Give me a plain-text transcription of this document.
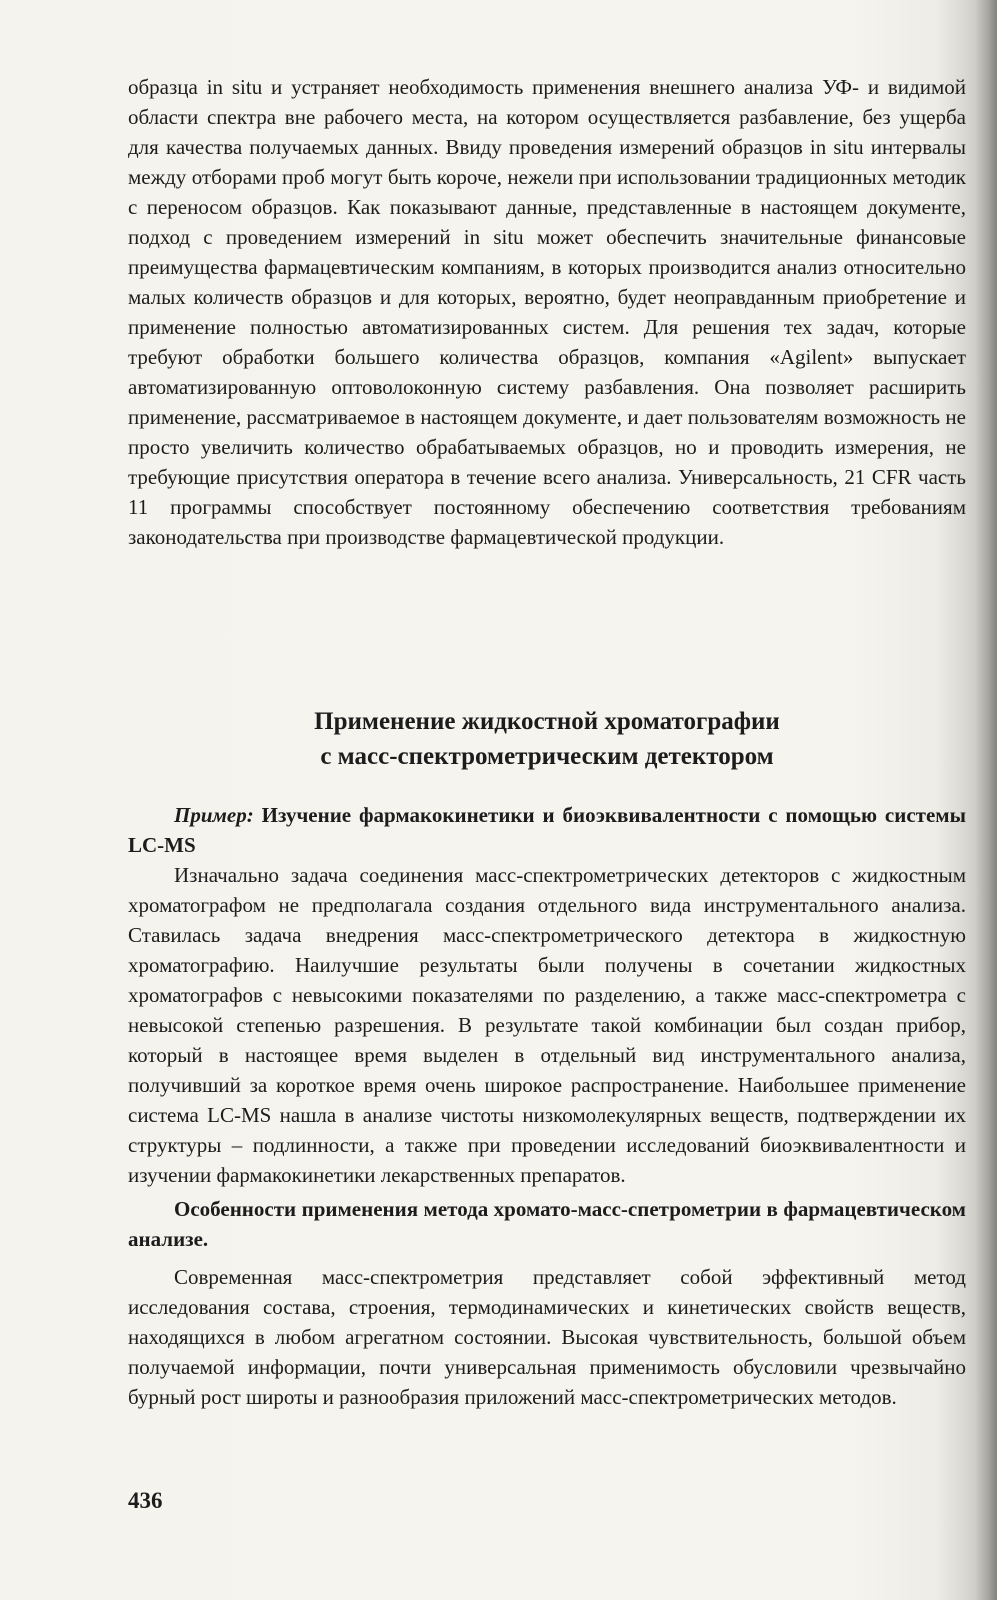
образца in situ и устраняет необходимость применения внешнего анализа УФ- и видимой области спектра вне рабочего места, на котором осуществляется разбавление, без ущерба для качества получаемых данных. Ввиду проведения измерений образцов in situ интервалы между отборами проб могут быть короче, нежели при использовании традиционных методик с переносом образцов. Как показывают данные, представленные в настоящем документе, подход с проведением измерений in situ может обеспечить значительные финансовые преимущества фармацевтическим компаниям, в которых производится анализ относительно малых количеств образцов и для которых, вероятно, будет неоправданным приобретение и применение полностью автоматизированных систем. Для решения тех задач, которые требуют обработки большего количества образцов, компания «Agilent» выпускает автоматизированную оптоволоконную систему разбавления. Она позволяет расширить применение, рассматриваемое в настоящем документе, и дает пользователям возможность не просто увеличить количество обрабатываемых образцов, но и проводить измерения, не требующие присутствия оператора в течение всего анализа. Универсальность, 21 CFR часть 11 программы способствует постоянному обеспечению соответствия требованиям законодательства при производстве фармацевтической продукции.

Применение жидкостной хроматографии
с масс-спектрометрическим детектором

Пример: Изучение фармакокинетики и биоэквивалентности с помощью системы LC-MS

Изначально задача соединения масс-спектрометрических детекторов с жидкостным хроматографом не предполагала создания отдельного вида инструментального анализа. Ставилась задача внедрения масс-спектрометрического детектора в жидкостную хроматографию. Наилучшие результаты были получены в сочетании жидкостных хроматографов с невысокими показателями по разделению, а также масс-спектрометра с невысокой степенью разрешения. В результате такой комбинации был создан прибор, который в настоящее время выделен в отдельный вид инструментального анализа, получивший за короткое время очень широкое распространение. Наибольшее применение система LC-MS нашла в анализе чистоты низкомолекулярных веществ, подтверждении их структуры – подлинности, а также при проведении исследований биоэквивалентности и изучении фармакокинетики лекарственных препаратов.

Особенности применения метода хромато-масс-спетрометрии в фармацевтическом анализе.

Современная масс-спектрометрия представляет собой эффективный метод исследования состава, строения, термодинамических и кинетических свойств веществ, находящихся в любом агрегатном состоянии. Высокая чувствительность, большой объем получаемой информации, почти универсальная применимость обусловили чрезвычайно бурный рост широты и разнообразия приложений масс-спектрометрических методов.

436
